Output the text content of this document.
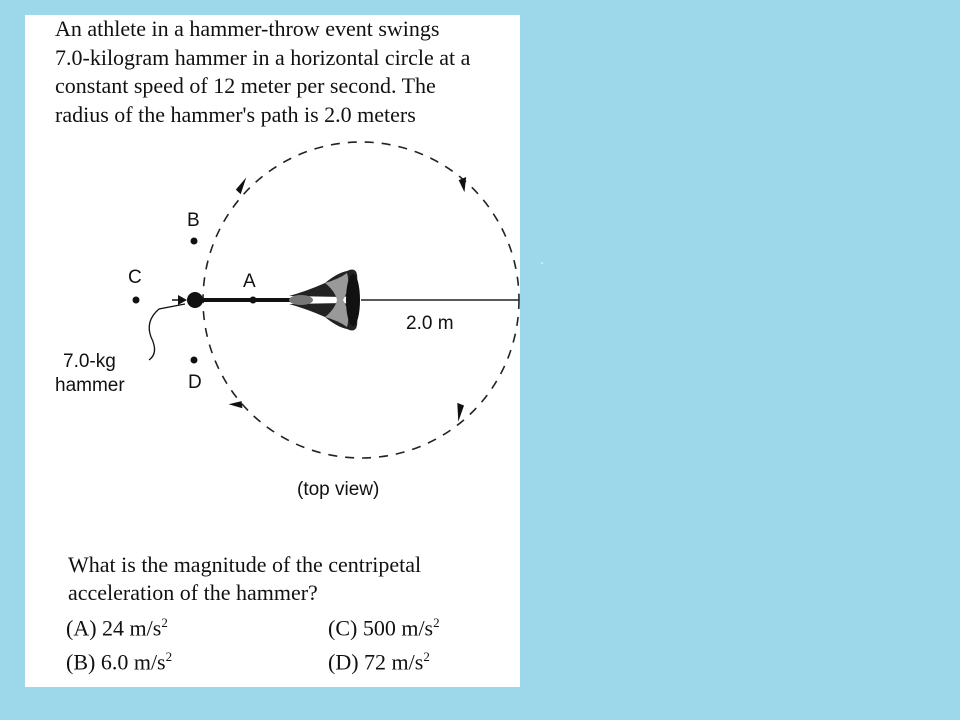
An athlete in a hammer-throw event swings
7.0-kilogram hammer in a horizontal circle at a
constant speed of 12 meter per second. The
radius of the hammer's path is 2.0 meters
A
B
C
D
2.0 m
7.0-kg
hammer
(top view)
What is the magnitude of the centripetal
acceleration of the hammer?
(A) 24 $m/s^2$	(C) 500 $m/s^2$
(B) 6.0 $m/s^2$	(D) 72 $m/s^2$
